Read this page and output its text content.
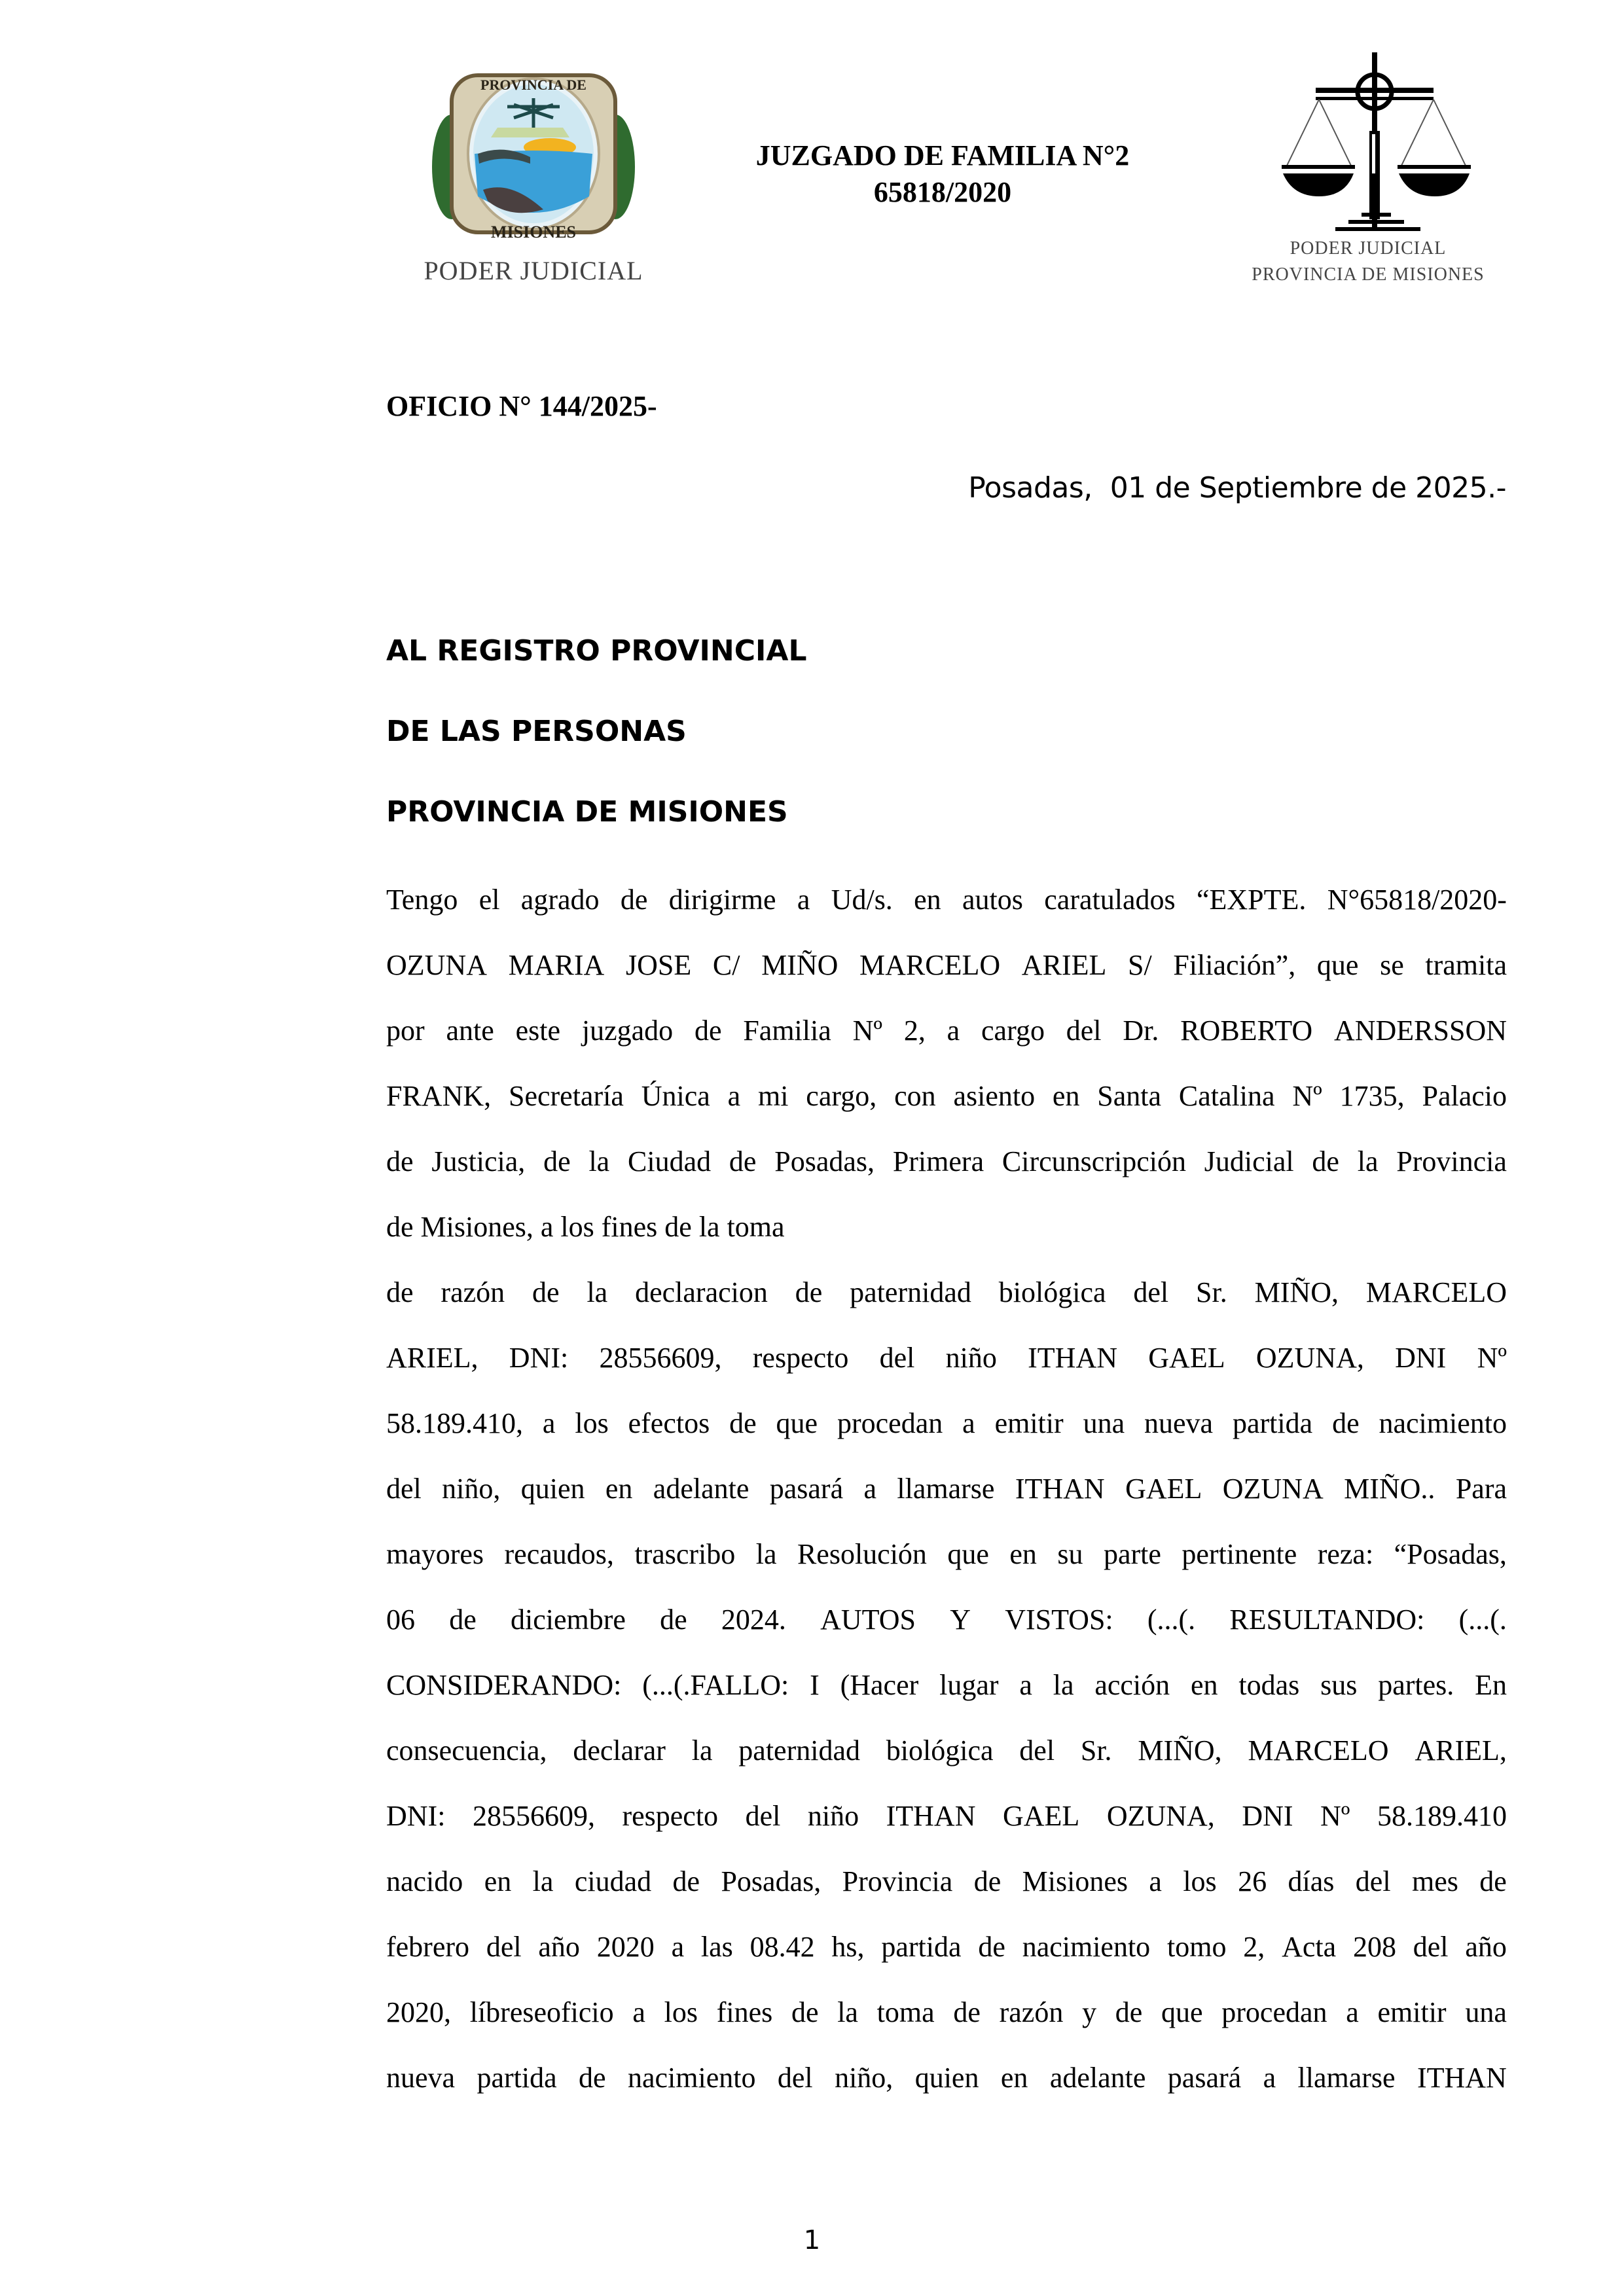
PROVINCIA DE
MISIONES
PODER JUDICIAL
JUZGADO DE FAMILIA N°2
65818/2020
PODER JUDICIAL
PROVINCIA DE MISIONES
OFICIO N° 144/2025-
Posadas,  01 de Septiembre de 2025.-
AL REGISTRO PROVINCIAL
DE LAS PERSONAS
PROVINCIA DE MISIONES
Tengo el agrado de dirigirme a Ud/s. en autos caratulados “EXPTE. N°65818/2020-
OZUNA MARIA JOSE C/ MIÑO MARCELO ARIEL S/ Filiación”, que se tramita
por ante este juzgado de Familia Nº 2, a cargo del Dr. ROBERTO ANDERSSON
FRANK, Secretaría Única a mi cargo, con asiento en Santa Catalina Nº 1735, Palacio
de Justicia, de la Ciudad de Posadas, Primera Circunscripción Judicial de la Provincia
de Misiones, a los fines de la toma
de razón de la declaracion de paternidad biológica del Sr. MIÑO, MARCELO
ARIEL, DNI: 28556609, respecto del niño ITHAN GAEL OZUNA, DNI Nº
58.189.410, a los efectos de que procedan a emitir una nueva partida de nacimiento
del niño, quien en adelante pasará a llamarse ITHAN GAEL OZUNA MIÑO.. Para
mayores recaudos, trascribo la Resolución que en su parte pertinente reza: “Posadas,
06 de diciembre de 2024. AUTOS Y VISTOS: (...(. RESULTANDO: (...(.
CONSIDERANDO: (...(.FALLO: I (Hacer lugar a la acción en todas sus partes. En
consecuencia, declarar la paternidad biológica del Sr. MIÑO, MARCELO ARIEL,
DNI: 28556609, respecto del niño ITHAN GAEL OZUNA, DNI Nº 58.189.410
nacido en la ciudad de Posadas, Provincia de Misiones a los 26 días del mes de
febrero del año 2020 a las 08.42 hs, partida de nacimiento tomo 2, Acta 208 del año
2020, líbreseoficio a los fines de la toma de razón y de que procedan a emitir una
nueva partida de nacimiento del niño, quien en adelante pasará a llamarse ITHAN
1
